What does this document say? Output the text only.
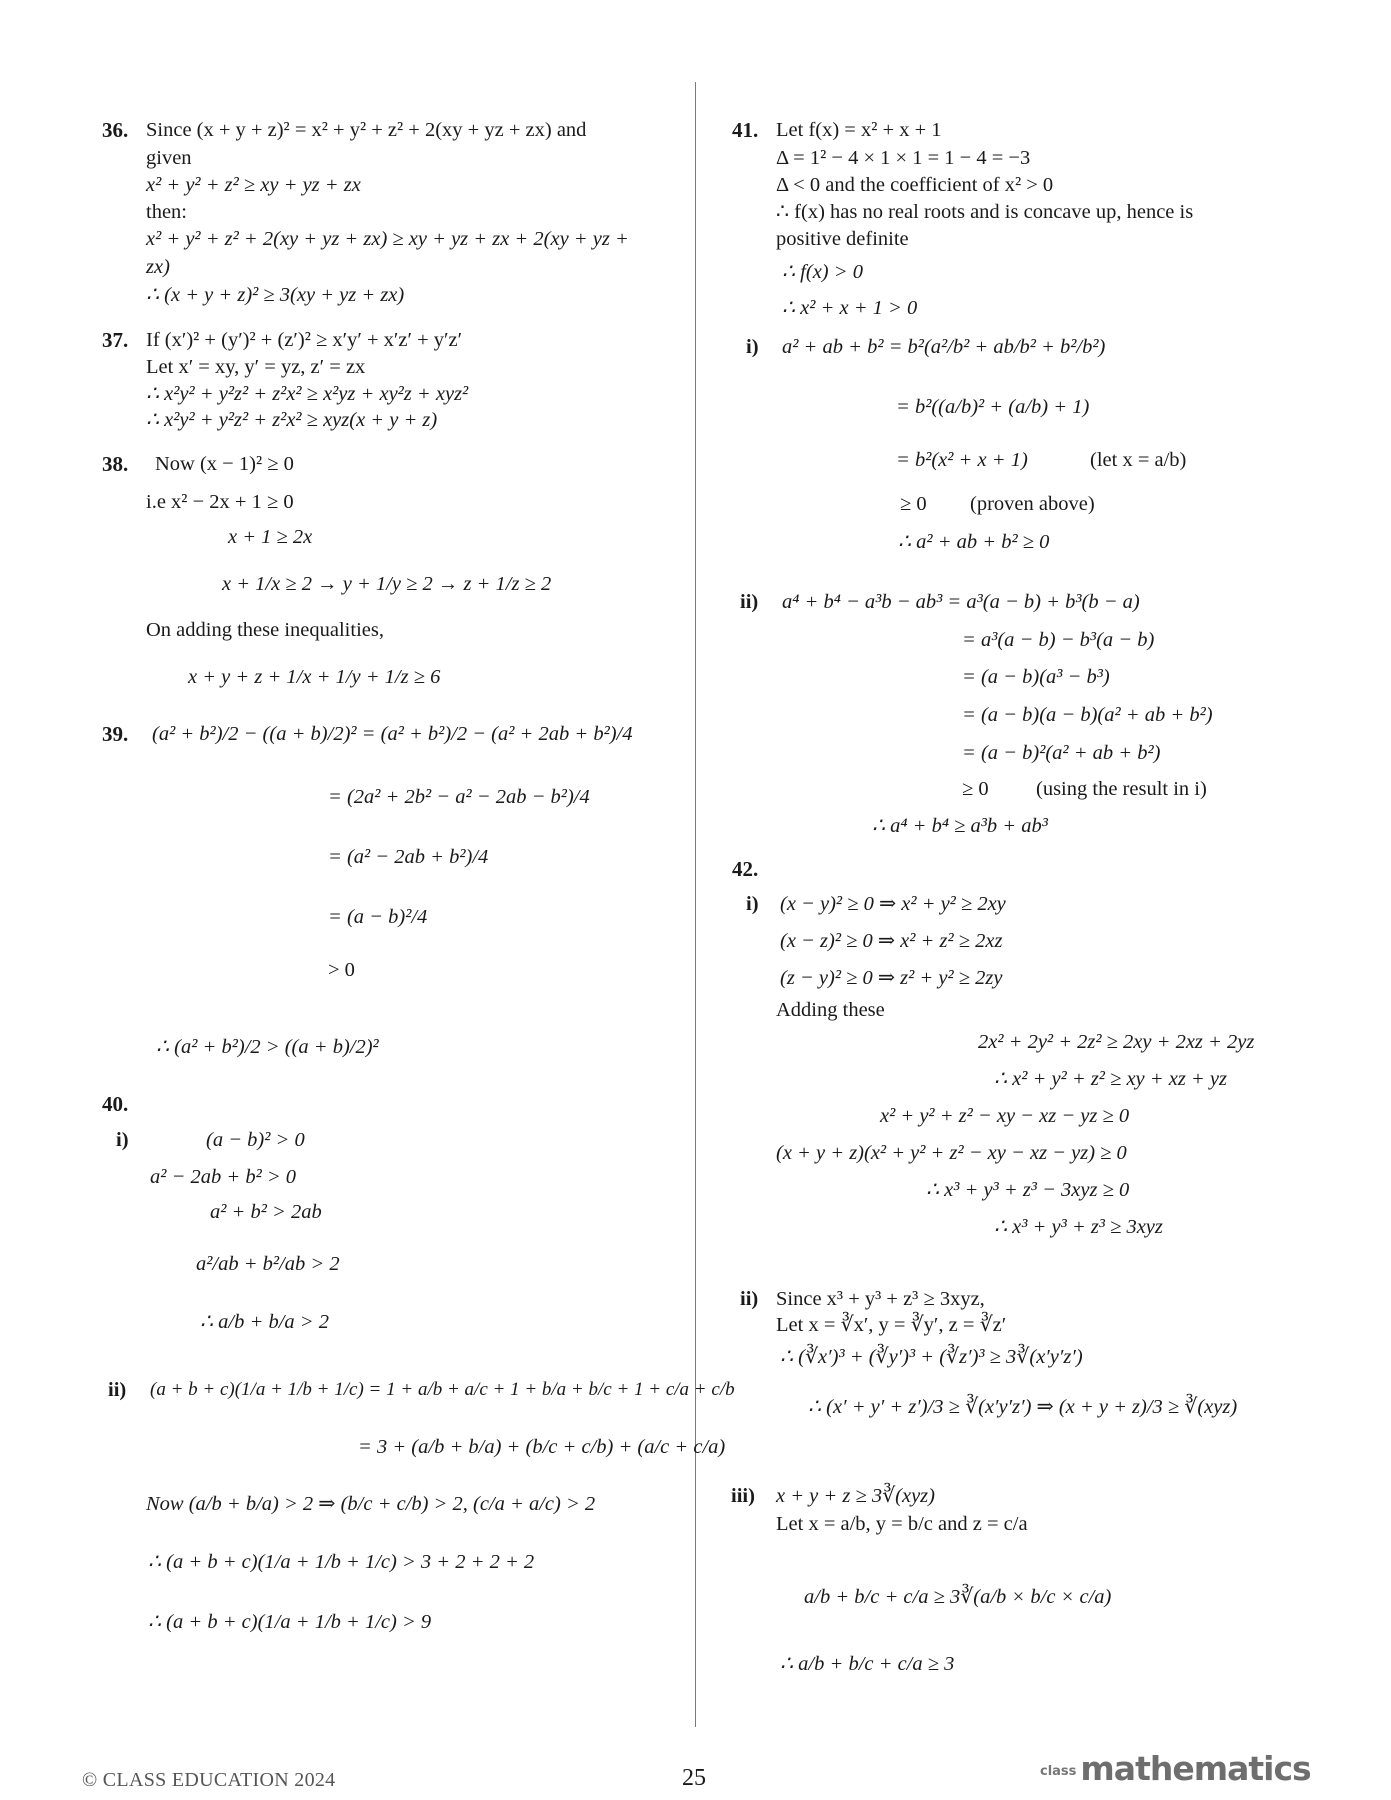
36. Since (x + y + z)² = x² + y² + z² + 2(xy + yz + zx) and
given
x² + y² + z² ≥ xy + yz + zx
then:
x² + y² + z² + 2(xy + yz + zx) ≥ xy + yz + zx + 2(xy + yz +
zx)
∴ (x + y + z)² ≥ 3(xy + yz + zx)
37. If (x′)² + (y′)² + (z′)² ≥ x′y′ + x′z′ + y′z′
Let x′ = xy, y′ = yz, z′ = zx
∴ x²y² + y²z² + z²x² ≥ x²yz + xy²z + xyz²
∴ x²y² + y²z² + z²x² ≥ xyz(x + y + z)
38. Now (x − 1)² ≥ 0
i.e x² − 2x + 1 ≥ 0
x + 1 ≥ 2x
x + 1/x ≥ 2 → y + 1/y ≥ 2 → z + 1/z ≥ 2
On adding these inequalities,
x + y + z + 1/x + 1/y + 1/z ≥ 6
39. (a² + b²)/2 − ((a + b)/2)² = (a² + b²)/2 − (a² + 2ab + b²)/4
= (2a² + 2b² − a² − 2ab − b²)/4
= (a² − 2ab + b²)/4
= (a − b)²/4
> 0
∴ (a² + b²)/2 > ((a + b)/2)²
40.
i)	(a − b)² > 0
a² − 2ab + b² > 0
a² + b² > 2ab
a²/ab + b²/ab > 2
∴ a/b + b/a > 2
ii) (a + b + c)(1/a + 1/b + 1/c) = 1 + a/b + a/c + 1 + b/a + b/c + 1 + c/a + c/b
= 3 + (a/b + b/a) + (b/c + c/b) + (a/c + c/a)
Now (a/b + b/a) > 2 ⇒ (b/c + c/b) > 2, (c/a + a/c) > 2
∴ (a + b + c)(1/a + 1/b + 1/c) > 3 + 2 + 2 + 2
∴ (a + b + c)(1/a + 1/b + 1/c) > 9
41. Let f(x) = x² + x + 1
Δ = 1² − 4 × 1 × 1 = 1 − 4 = −3
Δ < 0 and the coefficient of x² > 0
∴ f(x) has no real roots and is concave up, hence is
positive definite
∴ f(x) > 0
∴ x² + x + 1 > 0
i) a² + ab + b² = b²(a²/b² + ab/b² + b²/b²)
= b²((a/b)² + (a/b) + 1)
= b²(x² + x + 1)	(let x = a/b)
≥ 0 (proven above)
∴ a² + ab + b² ≥ 0
ii) a⁴ + b⁴ − a³b − ab³ = a³(a − b) + b³(b − a)
= a³(a − b) − b³(a − b)
= (a − b)(a³ − b³)
= (a − b)(a − b)(a² + ab + b²)
= (a − b)²(a² + ab + b²)
≥ 0 (using the result in i)
∴ a⁴ + b⁴ ≥ a³b + ab³
42.
i) (x − y)² ≥ 0 ⇒ x² + y² ≥ 2xy
(x − z)² ≥ 0 ⇒ x² + z² ≥ 2xz
(z − y)² ≥ 0 ⇒ z² + y² ≥ 2zy
Adding these
2x² + 2y² + 2z² ≥ 2xy + 2xz + 2yz
∴ x² + y² + z² ≥ xy + xz + yz
x² + y² + z² − xy − xz − yz ≥ 0
(x + y + z)(x² + y² + z² − xy − xz − yz) ≥ 0
∴ x³ + y³ + z³ − 3xyz ≥ 0
∴ x³ + y³ + z³ ≥ 3xyz
ii) Since x³ + y³ + z³ ≥ 3xyz,
Let x = ∛x′, y = ∛y′, z = ∛z′
∴ (∛x′)³ + (∛y′)³ + (∛z′)³ ≥ 3∛(x′y′z′)
∴ (x′ + y′ + z′)/3 ≥ ∛(x′y′z′) ⇒ (x + y + z)/3 ≥ ∛(xyz)
iii) x + y + z ≥ 3∛(xyz)
Let x = a/b, y = b/c and z = c/a
a/b + b/c + c/a ≥ 3∛(a/b × b/c × c/a)
∴ a/b + b/c + c/a ≥ 3
© CLASS EDUCATION 2024	25	class mathematics
